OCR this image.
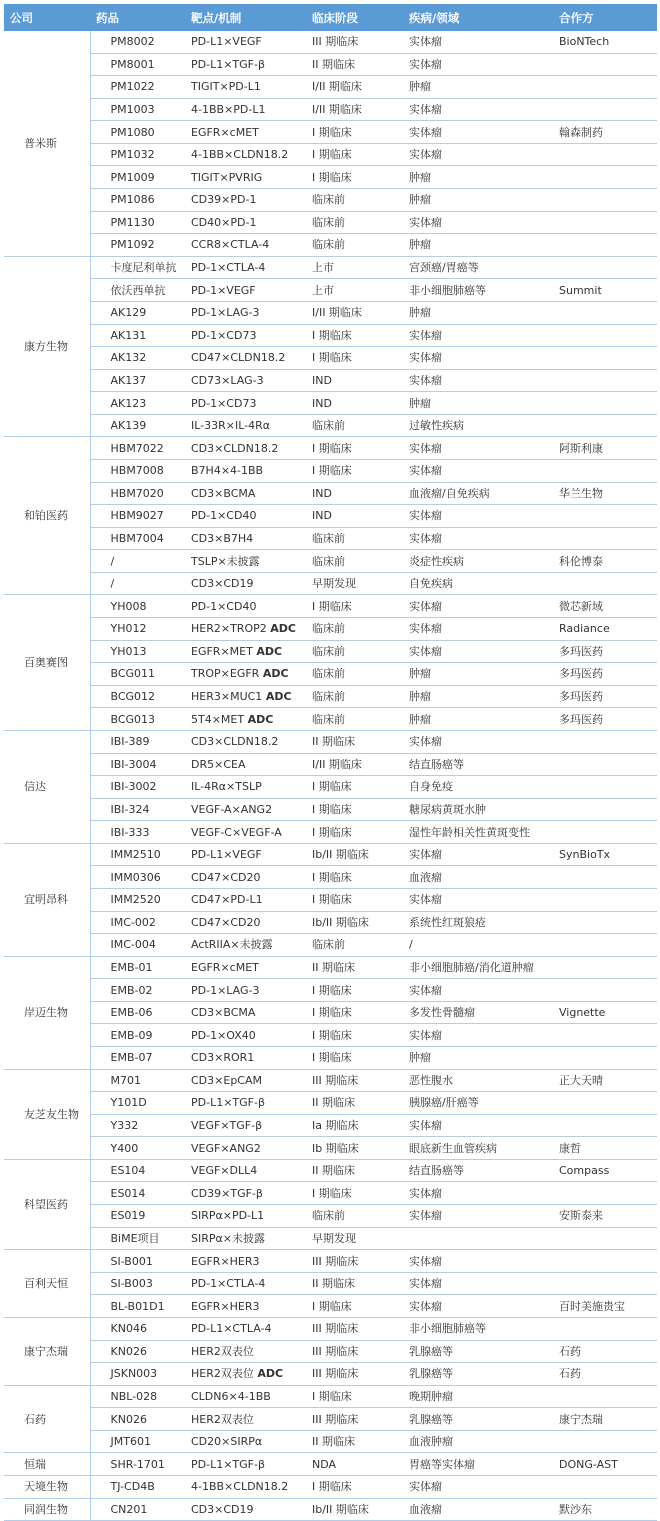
公司	药品	靶点/机制	临床阶段	疾病/领域	合作方
普米斯	PM8002	PD-L1×VEGF	III 期临床	实体瘤	BioNTech
	PM8001	PD-L1×TGF-β	II 期临床	实体瘤	
	PM1022	TIGIT×PD-L1	I/II 期临床	肿瘤	
	PM1003	4-1BB×PD-L1	I/II 期临床	实体瘤	
	PM1080	EGFR×cMET	I 期临床	实体瘤	翰森制药
	PM1032	4-1BB×CLDN18.2	I 期临床	实体瘤	
	PM1009	TIGIT×PVRIG	I 期临床	肿瘤	
	PM1086	CD39×PD-1	临床前	肿瘤	
	PM1130	CD40×PD-1	临床前	实体瘤	
	PM1092	CCR8×CTLA-4	临床前	肿瘤	
康方生物	卡度尼利单抗	PD-1×CTLA-4	上市	宫颈癌/胃癌等	
	依沃西单抗	PD-1×VEGF	上市	非小细胞肺癌等	Summit
	AK129	PD-1×LAG-3	I/II 期临床	肿瘤	
	AK131	PD-1×CD73	I 期临床	实体瘤	
	AK132	CD47×CLDN18.2	I 期临床	实体瘤	
	AK137	CD73×LAG-3	IND	实体瘤	
	AK123	PD-1×CD73	IND	肿瘤	
	AK139	IL-33R×IL-4Rα	临床前	过敏性疾病	
和铂医药	HBM7022	CD3×CLDN18.2	I 期临床	实体瘤	阿斯利康
	HBM7008	B7H4×4-1BB	I 期临床	实体瘤	
	HBM7020	CD3×BCMA	IND	血液瘤/自免疾病	华兰生物
	HBM9027	PD-1×CD40	IND	实体瘤	
	HBM7004	CD3×B7H4	临床前	实体瘤	
	/	TSLP×未披露	临床前	炎症性疾病	科伦博泰
	/	CD3×CD19	早期发现	自免疾病	
百奥赛图	YH008	PD-1×CD40	I 期临床	实体瘤	微芯新域
	YH012	HER2×TROP2 ADC	临床前	实体瘤	Radiance
	YH013	EGFR×MET ADC	临床前	实体瘤	多玛医药
	BCG011	TROP×EGFR ADC	临床前	肿瘤	多玛医药
	BCG012	HER3×MUC1 ADC	临床前	肿瘤	多玛医药
	BCG013	5T4×MET ADC	临床前	肿瘤	多玛医药
信达	IBI-389	CD3×CLDN18.2	II 期临床	实体瘤	
	IBI-3004	DR5×CEA	I/II 期临床	结直肠癌等	
	IBI-3002	IL-4Rα×TSLP	I 期临床	自身免疫	
	IBI-324	VEGF-A×ANG2	I 期临床	糖尿病黄斑水肿	
	IBI-333	VEGF-C×VEGF-A	I 期临床	湿性年龄相关性黄斑变性	
宜明昂科	IMM2510	PD-L1×VEGF	Ib/II 期临床	实体瘤	SynBioTx
	IMM0306	CD47×CD20	I 期临床	血液瘤	
	IMM2520	CD47×PD-L1	I 期临床	实体瘤	
	IMC-002	CD47×CD20	Ib/II 期临床	系统性红斑狼疮	
	IMC-004	ActRIIA×未披露	临床前	/	
岸迈生物	EMB-01	EGFR×cMET	II 期临床	非小细胞肺癌/消化道肿瘤	
	EMB-02	PD-1×LAG-3	I 期临床	实体瘤	
	EMB-06	CD3×BCMA	I 期临床	多发性骨髓瘤	Vignette
	EMB-09	PD-1×OX40	I 期临床	实体瘤	
	EMB-07	CD3×ROR1	I 期临床	肿瘤	
友芝友生物	M701	CD3×EpCAM	III 期临床	恶性腹水	正大天晴
	Y101D	PD-L1×TGF-β	II 期临床	胰腺癌/肝癌等	
	Y332	VEGF×TGF-β	Ia 期临床	实体瘤	
	Y400	VEGF×ANG2	Ib 期临床	眼底新生血管疾病	康哲
科望医药	ES104	VEGF×DLL4	II 期临床	结直肠癌等	Compass
	ES014	CD39×TGF-β	I 期临床	实体瘤	
	ES019	SIRPα×PD-L1	临床前	实体瘤	安斯泰来
	BiME项目	SIRPα×未披露	早期发现		
百利天恒	SI-B001	EGFR×HER3	III 期临床	实体瘤	
	SI-B003	PD-1×CTLA-4	II 期临床	实体瘤	
	BL-B01D1	EGFR×HER3	I 期临床	实体瘤	百时美施贵宝
康宁杰瑞	KN046	PD-L1×CTLA-4	III 期临床	非小细胞肺癌等	
	KN026	HER2双表位	III 期临床	乳腺癌等	石药
	JSKN003	HER2双表位 ADC	III 期临床	乳腺癌等	石药
石药	NBL-028	CLDN6×4-1BB	I 期临床	晚期肿瘤	
	KN026	HER2双表位	III 期临床	乳腺癌等	康宁杰瑞
	JMT601	CD20×SIRPα	II 期临床	血液肿瘤	
恒瑞	SHR-1701	PD-L1×TGF-β	NDA	胃癌等实体瘤	DONG-AST
天境生物	TJ-CD4B	4-1BB×CLDN18.2	I 期临床	实体瘤	
同润生物	CN201	CD3×CD19	Ib/II 期临床	血液瘤	默沙东
